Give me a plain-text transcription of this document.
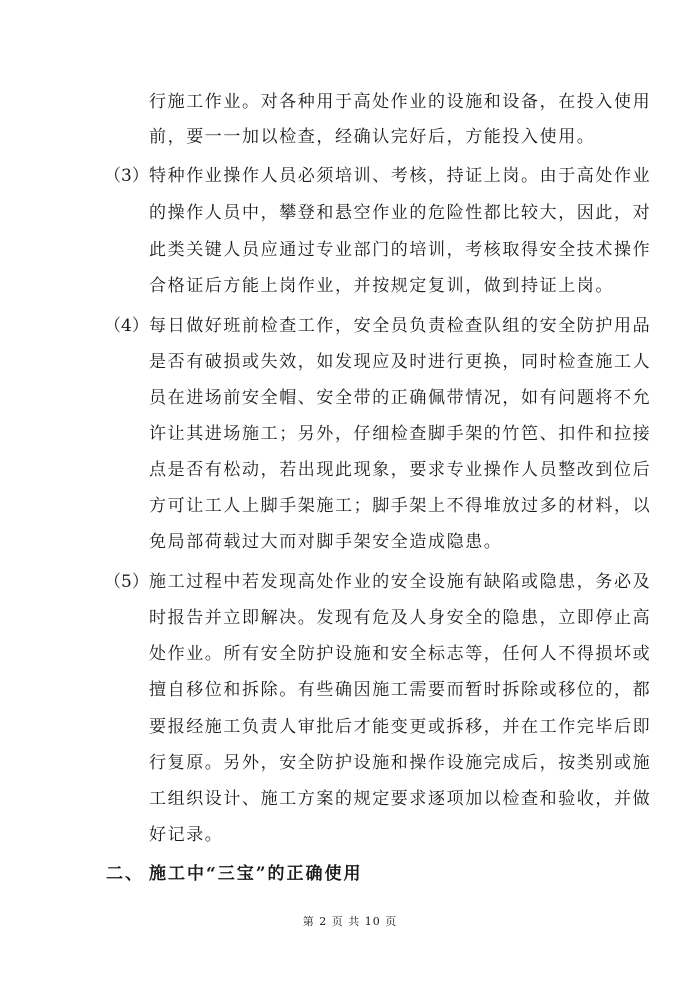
行施工作业。对各种用于高处作业的设施和设备，在投入使用
前，要一一加以检查，经确认完好后，方能投入使用。
（3） 特种作业操作人员必须培训、考核，持证上岗。由于高处作业
的操作人员中，攀登和悬空作业的危险性都比较大，因此，对
此类关键人员应通过专业部门的培训，考核取得安全技术操作
合格证后方能上岗作业，并按规定复训，做到持证上岗。
（4） 每日做好班前检查工作，安全员负责检查队组的安全防护用品
是否有破损或失效，如发现应及时进行更换，同时检查施工人
员在进场前安全帽、安全带的正确佩带情况，如有问题将不允
许让其进场施工；另外，仔细检查脚手架的竹笆、扣件和拉接
点是否有松动，若出现此现象，要求专业操作人员整改到位后
方可让工人上脚手架施工；脚手架上不得堆放过多的材料，以
免局部荷载过大而对脚手架安全造成隐患。
（5） 施工过程中若发现高处作业的安全设施有缺陷或隐患，务必及
时报告并立即解决。发现有危及人身安全的隐患，立即停止高
处作业。所有安全防护设施和安全标志等，任何人不得损坏或
擅自移位和拆除。有些确因施工需要而暂时拆除或移位的，都
要报经施工负责人审批后才能变更或拆移，并在工作完毕后即
行复原。另外，安全防护设施和操作设施完成后，按类别或施
工组织设计、施工方案的规定要求逐项加以检查和验收，并做
好记录。
二、 施工中“三宝”的正确使用
第 2 页 共 10 页
